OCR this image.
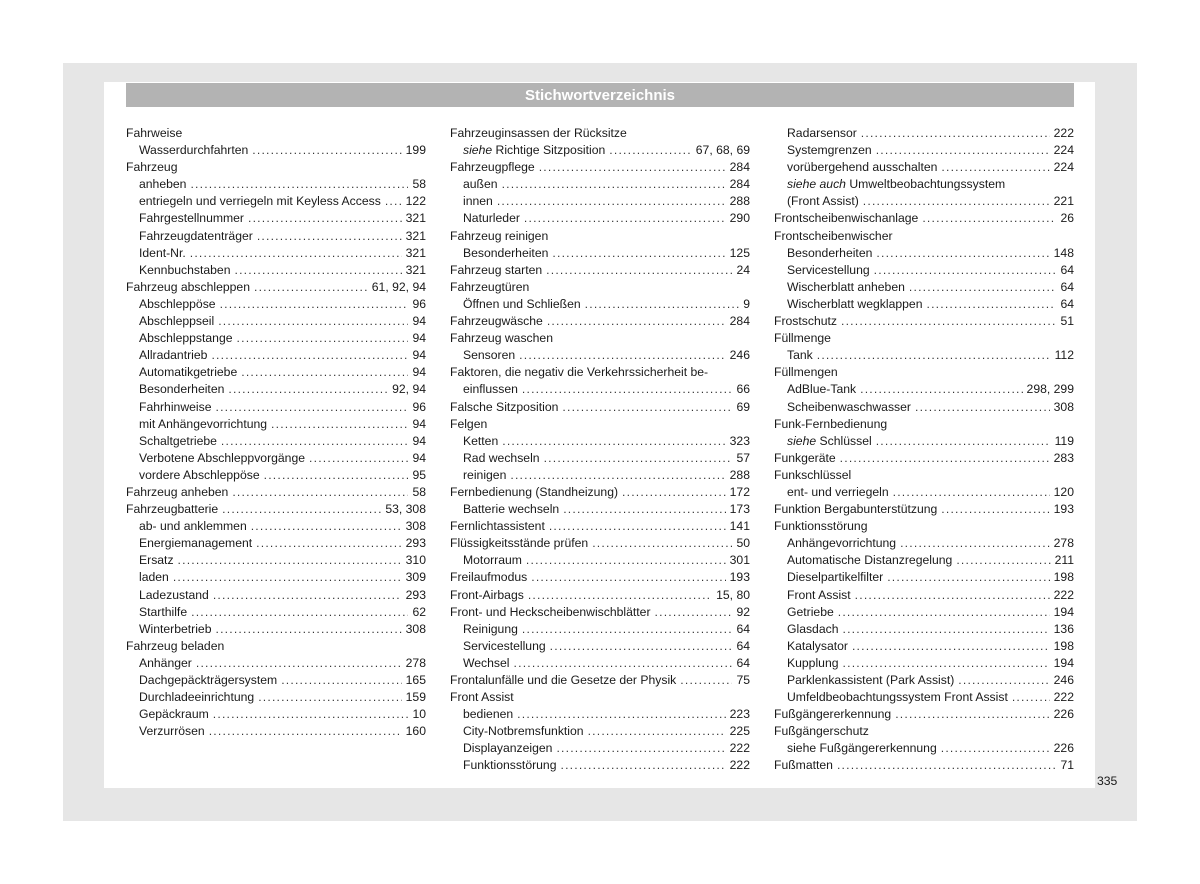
Stichwortverzeichnis
Fahrweise
Wasserdurchfahrten .....	199
Fahrzeug
anheben .....	58
entriegeln und verriegeln mit Keyless Access ..... 122
Fahrgestellnummer .....	321
Fahrzeugdatenträger .....	321
Ident-Nr. .....	321
Kennbuchstaben .....	321
Fahrzeug abschleppen .....	61, 92, 94
Abschleppöse .....	96
Abschleppseil .....	94
Abschleppstange .....	94
Allradantrieb .....	94
Automatikgetriebe .....	94
Besonderheiten .....	92, 94
Fahrhinweise .....	96
mit Anhängevorrichtung .....	94
Schaltgetriebe .....	94
Verbotene Abschleppvorgänge .....	94
vordere Abschleppöse .....	95
Fahrzeug anheben .....	58
Fahrzeugbatterie .....	53, 308
ab- und anklemmen .....	308
Energiemanagement .....	293
Ersatz .....	310
laden .....	309
Ladezustand .....	293
Starthilfe .....	62
Winterbetrieb .....	308
Fahrzeug beladen
Anhänger .....	278
Dachgepäckträgersystem .....	165
Durchladeeinrichtung .....	159
Gepäckraum .....	10
Verzurrösen .....	160
Fahrzeuginsassen der Rücksitze
siehe Richtige Sitzposition .....	67, 68, 69
Fahrzeugpflege .....	284
außen .....	284
innen .....	288
Naturleder .....	290
Fahrzeug reinigen
Besonderheiten .....	125
Fahrzeug starten .....	24
Fahrzeugtüren
Öffnen und Schließen .....	9
Fahrzeugwäsche .....	284
Fahrzeug waschen
Sensoren .....	246
Faktoren, die negativ die Verkehrssicherheit be-
einflussen .....	66
Falsche Sitzposition .....	69
Felgen
Ketten .....	323
Rad wechseln .....	57
reinigen .....	288
Fernbedienung (Standheizung) .....	172
Batterie wechseln .....	173
Fernlichtassistent .....	141
Flüssigkeitsstände prüfen .....	50
Motorraum .....	301
Freilaufmodus .....	193
Front-Airbags .....	15, 80
Front- und Heckscheibenwischblätter .....	92
Reinigung .....	64
Servicestellung .....	64
Wechsel .....	64
Frontalunfälle und die Gesetze der Physik .....	75
Front Assist
bedienen .....	223
City-Notbremsfunktion .....	225
Displayanzeigen .....	222
Funktionsstörung .....	222
Radarsensor .....	222
Systemgrenzen .....	224
vorübergehend ausschalten .....	224
siehe auch Umweltbeobachtungssystem
(Front Assist) .....	221
Frontscheibenwischanlage .....	26
Frontscheibenwischer
Besonderheiten .....	148
Servicestellung .....	64
Wischerblatt anheben .....	64
Wischerblatt wegklappen .....	64
Frostschutz .....	51
Füllmenge
Tank .....	112
Füllmengen
AdBlue-Tank .....	298, 299
Scheibenwaschwasser .....	308
Funk-Fernbedienung
siehe Schlüssel .....	119
Funkgeräte .....	283
Funkschlüssel
ent- und verriegeln .....	120
Funktion Bergabunterstützung .....	193
Funktionsstörung
Anhängevorrichtung .....	278
Automatische Distanzregelung .....	211
Dieselpartikelfilter .....	198
Front Assist .....	222
Getriebe .....	194
Glasdach .....	136
Katalysator .....	198
Kupplung .....	194
Parklenkassistent (Park Assist) .....	246
Umfeldbeobachtungssystem Front Assist .....	222
Fußgängererkennung .....	226
Fußgängerschutz
siehe Fußgängererkennung .....	226
Fußmatten .....	71
335
